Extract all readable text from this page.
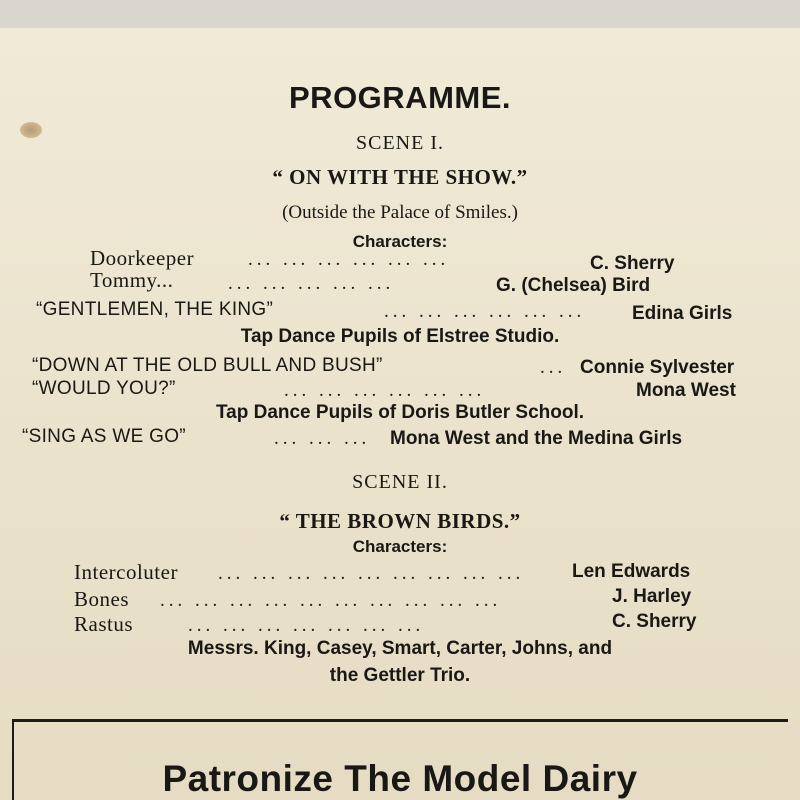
PROGRAMME.
SCENE I.
“ ON WITH THE SHOW.”
(Outside the Palace of Smiles.)
Characters:
Doorkeeper	... ... ... ... ... ...	C. Sherry
Tommy...	... ... ... ... ...	G. (Chelsea) Bird
“GENTLEMEN, THE KING”	... ... ... ... ... ... Edina Girls
Tap Dance Pupils of Elstree Studio.
“DOWN AT THE OLD BULL AND BUSH”	... Connie Sylvester
“WOULD YOU?”	... ... ... ... ... ...	Mona West
Tap Dance Pupils of Doris Butler School.
“SING AS WE GO”	... ... ... Mona West and the Medina Girls
SCENE II.
“ THE BROWN BIRDS.”
Characters:
Intercoluter ... ... ... ... ... ... ... ... ...	Len Edwards
Bones ... ... ... ... ... ... ... ... ... ...	J. Harley
Rastus	... ... ... ... ... ... ...	C. Sherry
Messrs. King, Casey, Smart, Carter, Johns, and
the Gettler Trio.
Patronize The Model Dairy
